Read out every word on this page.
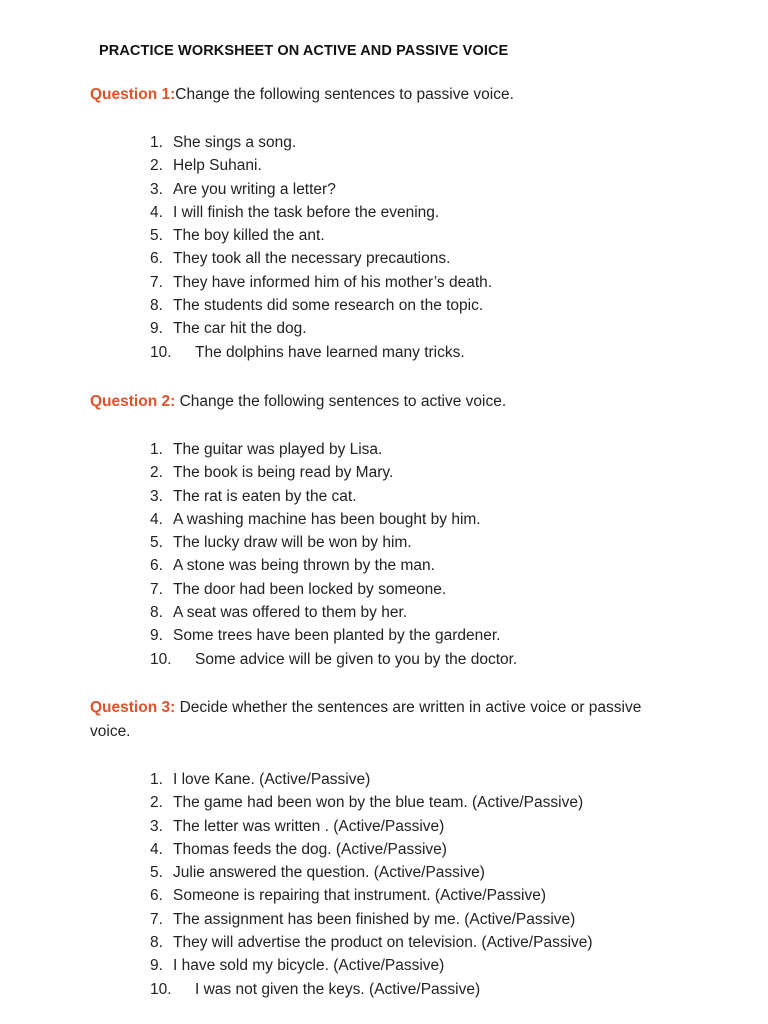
PRACTICE WORKSHEET ON ACTIVE AND PASSIVE VOICE
Question 1:Change the following sentences to passive voice.
1. She sings a song.
2. Help Suhani.
3. Are you writing a letter?
4. I will finish the task before the evening.
5. The boy killed the ant.
6. They took all the necessary precautions.
7. They have informed him of his mother’s death.
8. The students did some research on the topic.
9. The car hit the dog.
10. The dolphins have learned many tricks.
Question 2: Change the following sentences to active voice.
1. The guitar was played by Lisa.
2. The book is being read by Mary.
3. The rat is eaten by the cat.
4. A washing machine has been bought by him.
5. The lucky draw will be won by him.
6. A stone was being thrown by the man.
7. The door had been locked by someone.
8. A seat was offered to them by her.
9. Some trees have been planted by the gardener.
10. Some advice will be given to you by the doctor.
Question 3: Decide whether the sentences are written in active voice or passive voice.
1. I love Kane. (Active/Passive)
2. The game had been won by the blue team. (Active/Passive)
3. The letter was written . (Active/Passive)
4. Thomas feeds the dog. (Active/Passive)
5. Julie answered the question. (Active/Passive)
6. Someone is repairing that instrument. (Active/Passive)
7. The assignment has been finished by me. (Active/Passive)
8. They will advertise the product on television. (Active/Passive)
9. I have sold my bicycle. (Active/Passive)
10. I was not given the keys. (Active/Passive)
